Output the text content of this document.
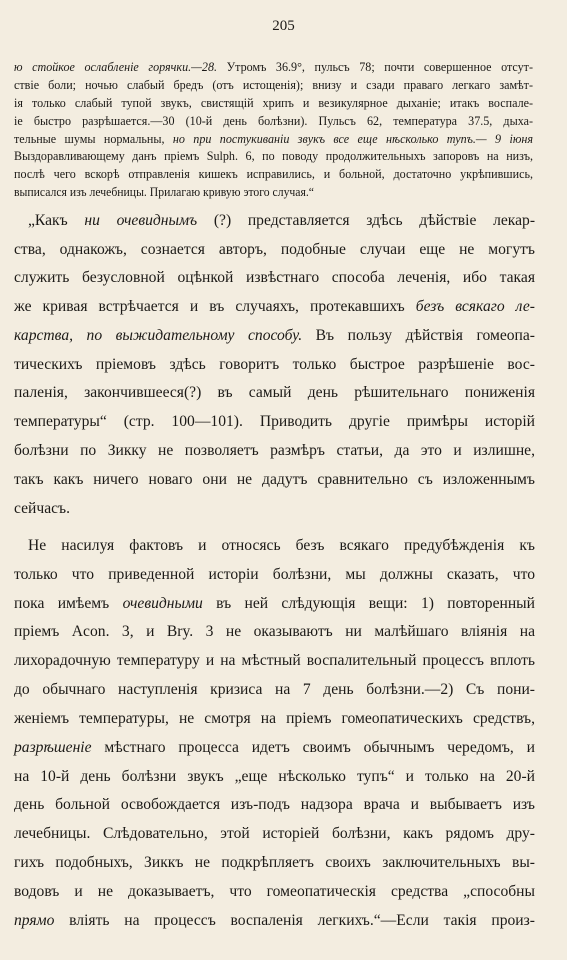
205
ю стойкое ослабленіе горячки.—28. Утромъ 36.9°, пульсъ 78; почти совершенное отсут-
ствіе боли; ночью слабый бредъ (отъ истощенія); внизу и сзади праваго легкаго замѣт-
ія только слабый тупой звукъ, свистящій хрипъ и везикулярное дыханіе; итакъ воспале-
іе быстро разрѣшается.—30 (10-й день болѣзни). Пульсъ 62, температура 37.5, дыха-
тельные шумы нормальны, но при постукиваніи звукъ все еще нѣсколько тупъ.— 9 іюня
Выздоравливающему данъ пріемъ Sulph. 6, по поводу продолжительныхъ запоровъ на низъ,
послѣ чего вскорѣ отправленія кишекъ исправились, и больной, достаточно укрѣпившись,
выписался изъ лечебницы. Прилагаю кривую этого случая.“
„Какъ ни очевиднымъ (?) представляется здѣсь дѣйствіе лекар-
ства, однакожъ, сознается авторъ, подобные случаи еще не могутъ
служить безусловной оцѣнкой извѣстнаго способа леченія, ибо такая
же кривая встрѣчается и въ случаяхъ, протекавшихъ безъ всякаго ле-
карства, по выжидательному способу. Въ пользу дѣйствія гомеопа-
тическихъ пріемовъ здѣсь говоритъ только быстрое разрѣшеніе вос-
паленія, закончившееся(?) въ самый день рѣшительнаго пониженія
температуры“ (стр. 100—101). Приводить другіе примѣры исторій
болѣзни по Зикку не позволяетъ размѣръ статьи, да это и излишне,
такъ какъ ничего новаго они не дадутъ сравнительно съ изложеннымъ
сейчасъ.
Не насилуя фактовъ и относясь безъ всякаго предубѣжденія къ
только что приведенной исторіи болѣзни, мы должны сказать, что
пока имѣемъ очевидными въ ней слѣдующія вещи: 1) повторенный
пріемъ Acon. 3, и Bry. 3 не оказываютъ ни малѣйшаго вліянія на
лихорадочную температуру и на мѣстный воспалительный процессъ вплоть
до обычнаго наступленія кризиса на 7 день болѣзни.—2) Съ пони-
женіемъ температуры, не смотря на пріемъ гомеопатическихъ средствъ,
разрѣшеніе мѣстнаго процесса идетъ своимъ обычнымъ чередомъ, и
на 10-й день болѣзни звукъ „еще нѣсколько тупъ“ и только на 20-й
день больной освобождается изъ-подъ надзора врача и выбываетъ изъ
лечебницы. Слѣдовательно, этой исторіей болѣзни, какъ рядомъ дру-
гихъ подобныхъ, Зиккъ не подкрѣпляетъ своихъ заключительныхъ вы-
водовъ и не доказываетъ, что гомеопатическія средства „способны
прямо вліять на процессъ воспаленія легкихъ.“—Если такія произ-
